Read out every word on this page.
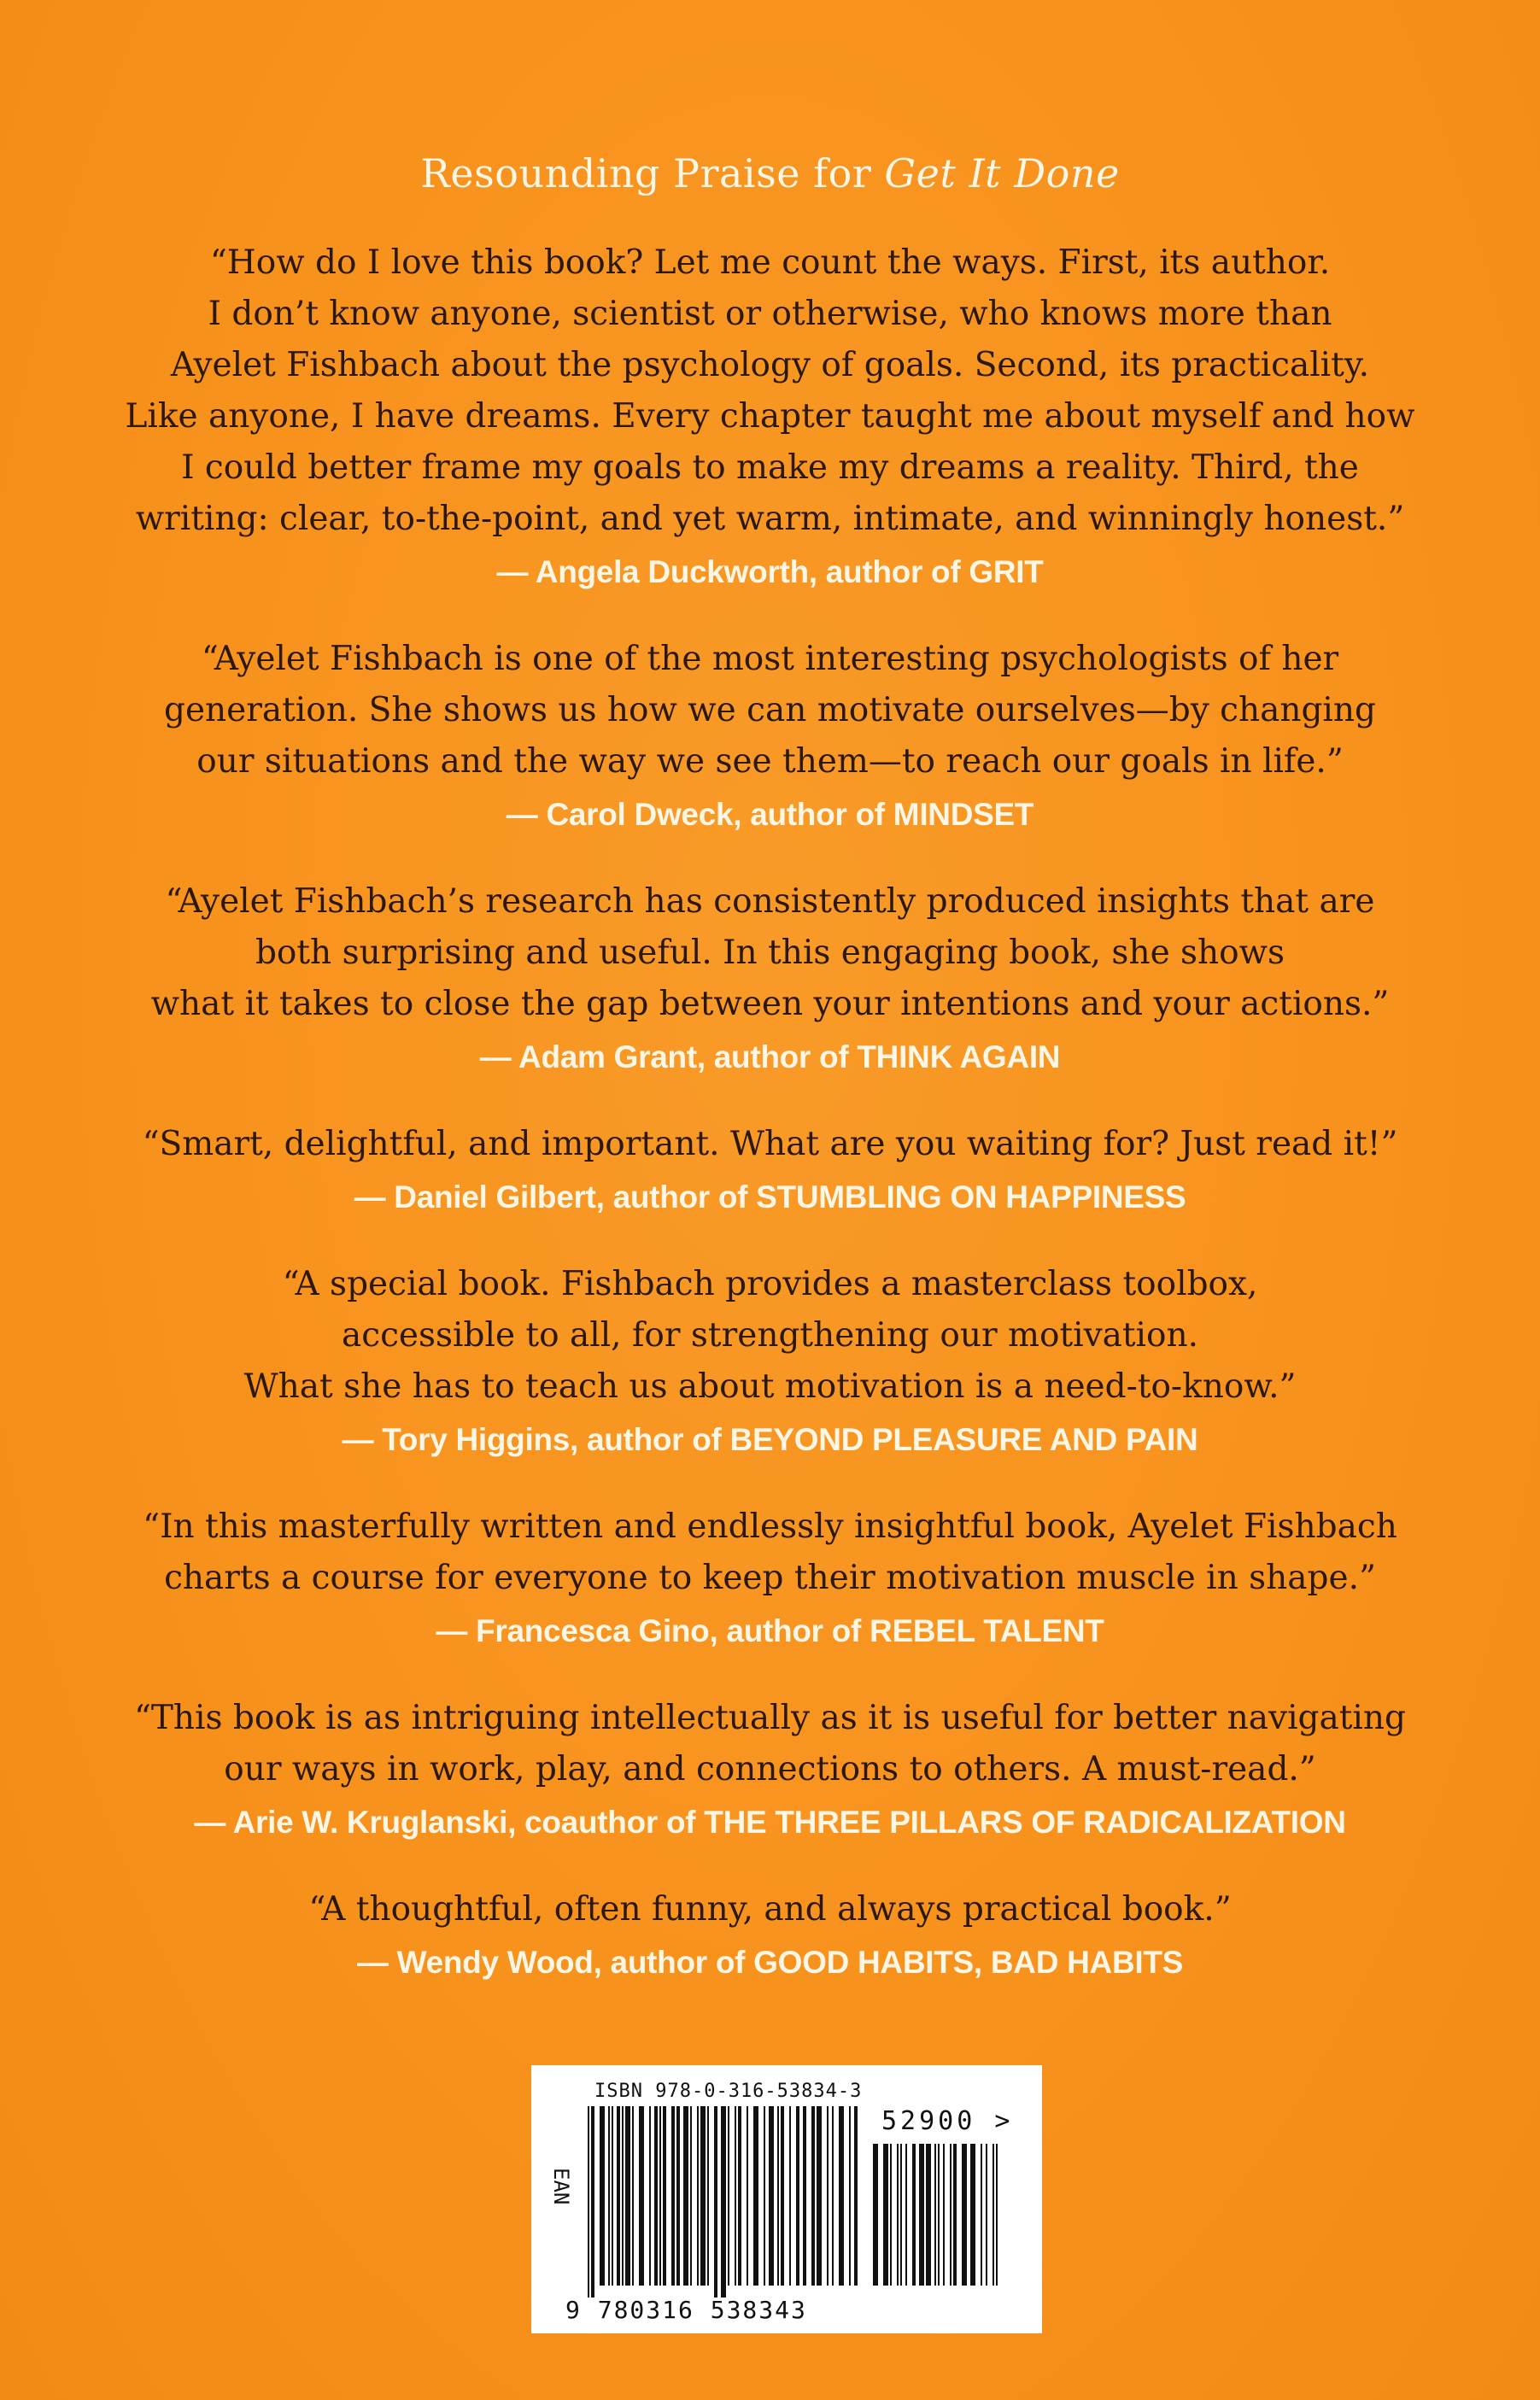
Resounding Praise for Get It Done
“How do I love this book? Let me count the ways. First, its author.
I don’t know anyone, scientist or otherwise, who knows more than
Ayelet Fishbach about the psychology of goals. Second, its practicality.
Like anyone, I have dreams. Every chapter taught me about myself and how
I could better frame my goals to make my dreams a reality. Third, the
writing: clear, to-the-point, and yet warm, intimate, and winningly honest.”
— Angela Duckworth, author of GRIT
“Ayelet Fishbach is one of the most interesting psychologists of her
generation. She shows us how we can motivate ourselves—by changing
our situations and the way we see them—to reach our goals in life.”
— Carol Dweck, author of MINDSET
“Ayelet Fishbach’s research has consistently produced insights that are
both surprising and useful. In this engaging book, she shows
what it takes to close the gap between your intentions and your actions.”
— Adam Grant, author of THINK AGAIN
“Smart, delightful, and important. What are you waiting for? Just read it!”
— Daniel Gilbert, author of STUMBLING ON HAPPINESS
“A special book. Fishbach provides a masterclass toolbox,
accessible to all, for strengthening our motivation.
What she has to teach us about motivation is a need-to-know.”
— Tory Higgins, author of BEYOND PLEASURE AND PAIN
“In this masterfully written and endlessly insightful book, Ayelet Fishbach
charts a course for everyone to keep their motivation muscle in shape.”
— Francesca Gino, author of REBEL TALENT
“This book is as intriguing intellectually as it is useful for better navigating
our ways in work, play, and connections to others. A must-read.”
— Arie W. Kruglanski, coauthor of THE THREE PILLARS OF RADICALIZATION
“A thoughtful, often funny, and always practical book.”
— Wendy Wood, author of GOOD HABITS, BAD HABITS
ISBN 978-0-316-53834-3
EAN
52900 >
9 780316 538343
